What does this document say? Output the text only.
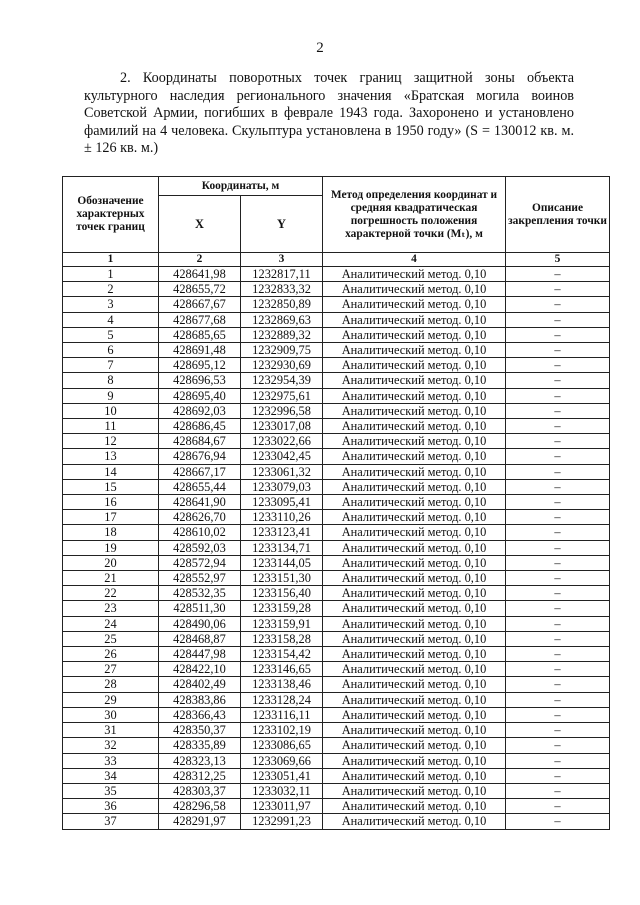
2

2. Координаты поворотных точек границ защитной зоны объекта культурного наследия регионального значения «Братская могила воинов Советской Армии, погибших в феврале 1943 года. Захоронено и установлено фамилий на 4 человека. Скульптура установлена в 1950 году» (S = 130012 кв. м. ± 126 кв. м.)

Обозначение характерных точек границ	Координаты, м		Метод определения координат и средняя квадратическая погрешность положения характерной точки (Mₜ), м	Описание закрепления точки
	X	Y		
1	2	3	4	5
1	428641,98	1232817,11	Аналитический метод. 0,10	–
2	428655,72	1232833,32	Аналитический метод. 0,10	–
3	428667,67	1232850,89	Аналитический метод. 0,10	–
4	428677,68	1232869,63	Аналитический метод. 0,10	–
5	428685,65	1232889,32	Аналитический метод. 0,10	–
6	428691,48	1232909,75	Аналитический метод. 0,10	–
7	428695,12	1232930,69	Аналитический метод. 0,10	–
8	428696,53	1232954,39	Аналитический метод. 0,10	–
9	428695,40	1232975,61	Аналитический метод. 0,10	–
10	428692,03	1232996,58	Аналитический метод. 0,10	–
11	428686,45	1233017,08	Аналитический метод. 0,10	–
12	428684,67	1233022,66	Аналитический метод. 0,10	–
13	428676,94	1233042,45	Аналитический метод. 0,10	–
14	428667,17	1233061,32	Аналитический метод. 0,10	–
15	428655,44	1233079,03	Аналитический метод. 0,10	–
16	428641,90	1233095,41	Аналитический метод. 0,10	–
17	428626,70	1233110,26	Аналитический метод. 0,10	–
18	428610,02	1233123,41	Аналитический метод. 0,10	–
19	428592,03	1233134,71	Аналитический метод. 0,10	–
20	428572,94	1233144,05	Аналитический метод. 0,10	–
21	428552,97	1233151,30	Аналитический метод. 0,10	–
22	428532,35	1233156,40	Аналитический метод. 0,10	–
23	428511,30	1233159,28	Аналитический метод. 0,10	–
24	428490,06	1233159,91	Аналитический метод. 0,10	–
25	428468,87	1233158,28	Аналитический метод. 0,10	–
26	428447,98	1233154,42	Аналитический метод. 0,10	–
27	428422,10	1233146,65	Аналитический метод. 0,10	–
28	428402,49	1233138,46	Аналитический метод. 0,10	–
29	428383,86	1233128,24	Аналитический метод. 0,10	–
30	428366,43	1233116,11	Аналитический метод. 0,10	–
31	428350,37	1233102,19	Аналитический метод. 0,10	–
32	428335,89	1233086,65	Аналитический метод. 0,10	–
33	428323,13	1233069,66	Аналитический метод. 0,10	–
34	428312,25	1233051,41	Аналитический метод. 0,10	–
35	428303,37	1233032,11	Аналитический метод. 0,10	–
36	428296,58	1233011,97	Аналитический метод. 0,10	–
37	428291,97	1232991,23	Аналитический метод. 0,10	–
